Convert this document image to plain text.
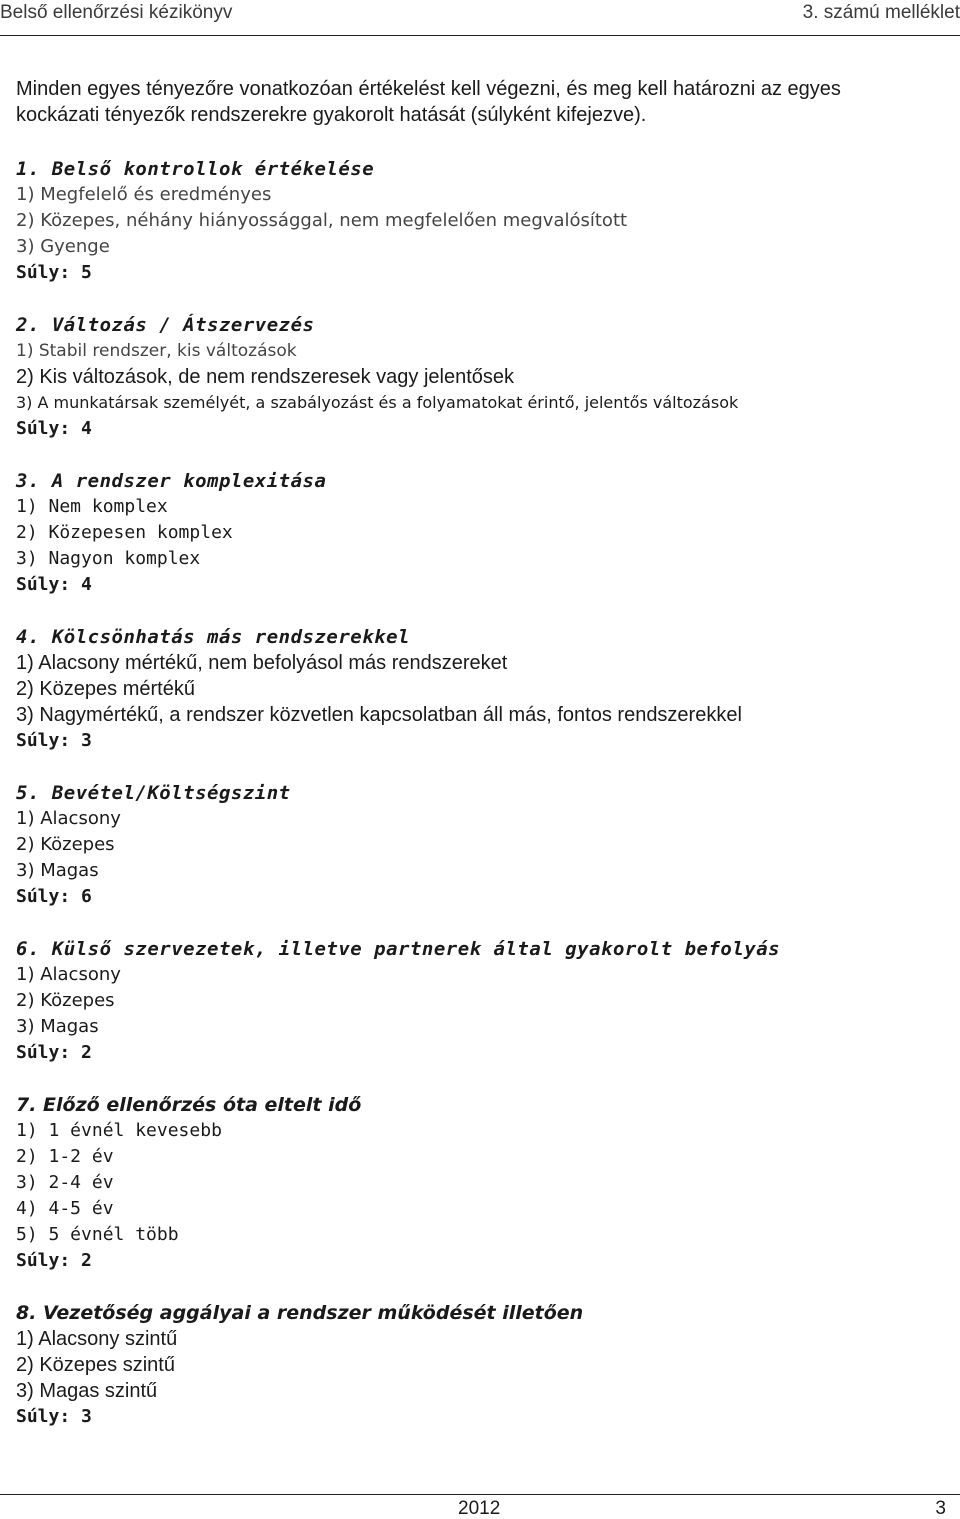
Belső ellenőrzési kézikönyv	3. számú melléklet
Minden egyes tényezőre vonatkozóan értékelést kell végezni, és meg kell határozni az egyes
kockázati tényezők rendszerekre gyakorolt hatását (súlyként kifejezve).
1. Belső kontrollok értékelése
1) Megfelelő és eredményes
2) Közepes, néhány hiányossággal, nem megfelelően megvalósított
3) Gyenge
Súly: 5
2. Változás / Átszervezés
1) Stabil rendszer, kis változások
2) Kis változások, de nem rendszeresek vagy jelentősek
3) A munkatársak személyét, a szabályozást és a folyamatokat érintő, jelentős változások
Súly: 4
3. A rendszer komplexitása
1) Nem komplex
2) Közepesen komplex
3) Nagyon komplex
Súly: 4
4. Kölcsönhatás más rendszerekkel
1) Alacsony mértékű, nem befolyásol más rendszereket
2) Közepes mértékű
3) Nagymértékű, a rendszer közvetlen kapcsolatban áll más, fontos rendszerekkel
Súly: 3
5. Bevétel/Költségszint
1) Alacsony
2) Közepes
3) Magas
Súly: 6
6. Külső szervezetek, illetve partnerek által gyakorolt befolyás
1) Alacsony
2) Közepes
3) Magas
Súly: 2
7. Előző ellenőrzés óta eltelt idő
1) 1 évnél kevesebb
2) 1-2 év
3) 2-4 év
4) 4-5 év
5) 5 évnél több
Súly: 2
8. Vezetőség aggályai a rendszer működését illetően
1) Alacsony szintű
2) Közepes szintű
3) Magas szintű
Súly: 3
2012	3
